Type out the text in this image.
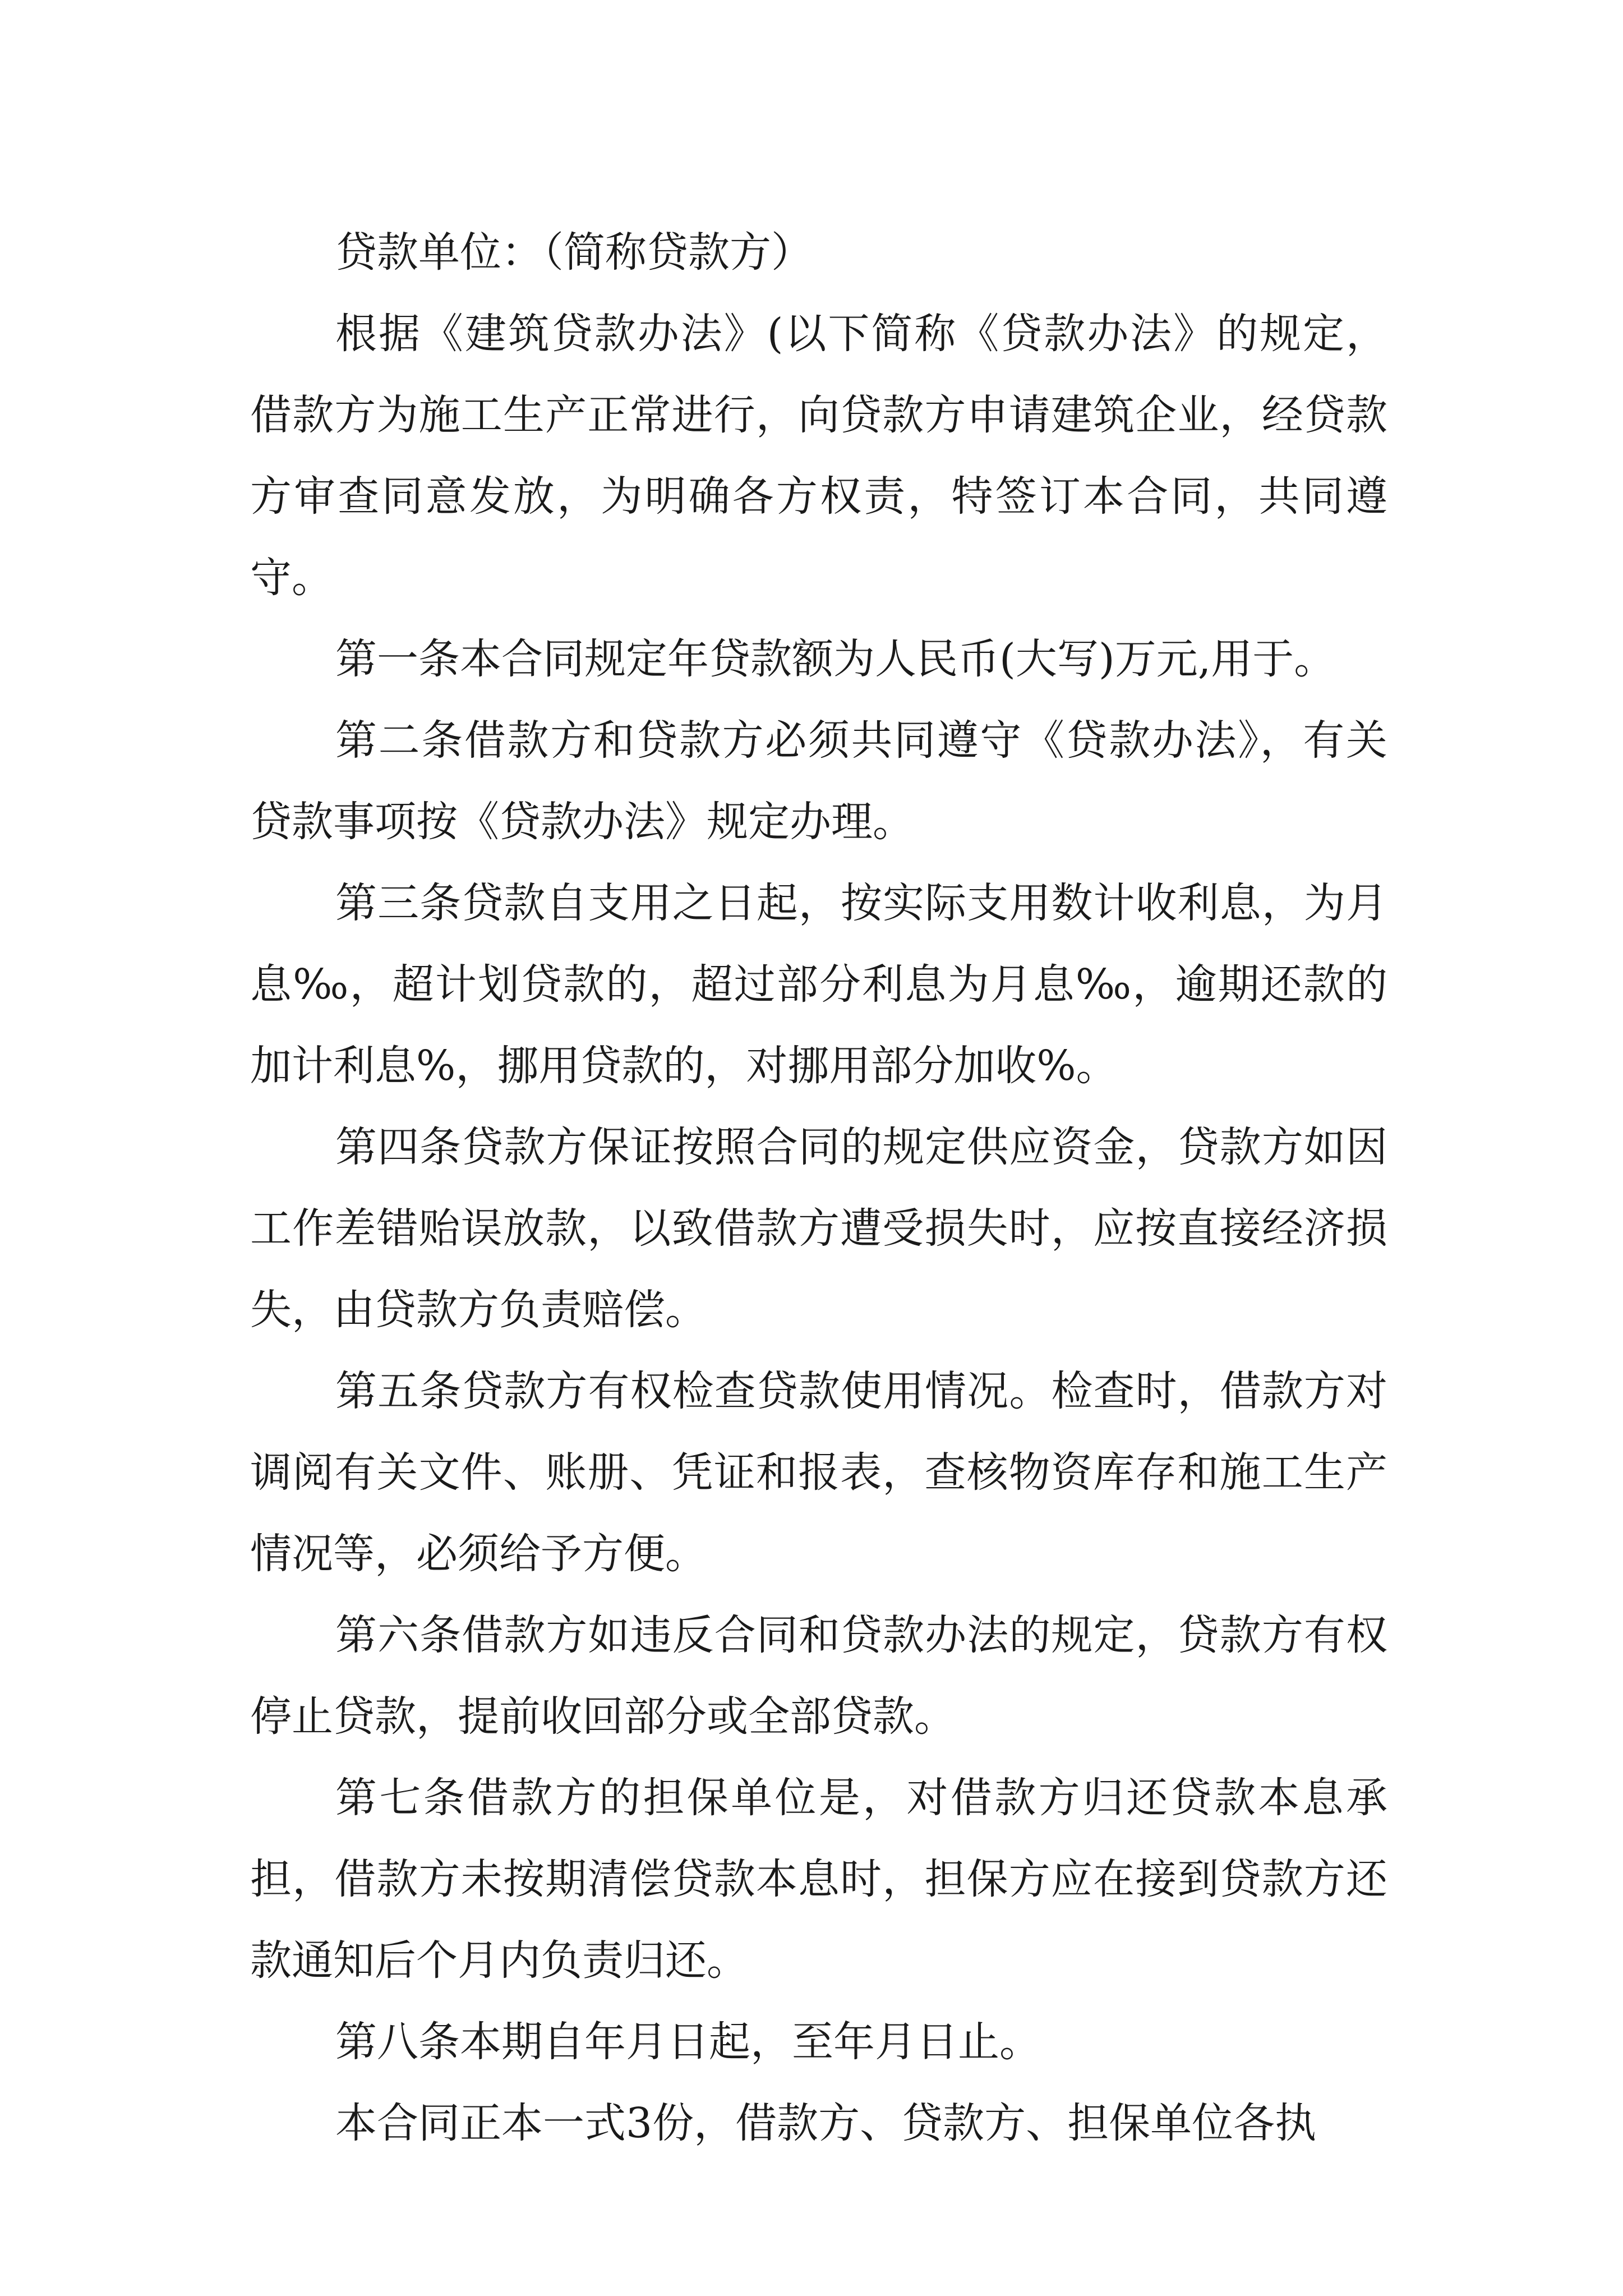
贷款单位：（简称贷款方）

根据《建筑贷款办法》(以下简称《贷款办法》的规定，借款方为施工生产正常进行，向贷款方申请建筑企业，经贷款方审查同意发放，为明确各方权责，特签订本合同，共同遵守。

第一条本合同规定年贷款额为人民币(大写)万元,用于。

第二条借款方和贷款方必须共同遵守《贷款办法》，有关贷款事项按《贷款办法》规定办理。

第三条贷款自支用之日起，按实际支用数计收利息，为月息‰，超计划贷款的，超过部分利息为月息‰，逾期还款的加计利息%，挪用贷款的，对挪用部分加收%。

第四条贷款方保证按照合同的规定供应资金，贷款方如因工作差错贻误放款，以致借款方遭受损失时，应按直接经济损失，由贷款方负责赔偿。

第五条贷款方有权检查贷款使用情况。检查时，借款方对调阅有关文件、账册、凭证和报表，查核物资库存和施工生产情况等，必须给予方便。

第六条借款方如违反合同和贷款办法的规定，贷款方有权停止贷款，提前收回部分或全部贷款。

第七条借款方的担保单位是，对借款方归还贷款本息承担，借款方未按期清偿贷款本息时，担保方应在接到贷款方还款通知后个月内负责归还。

第八条本期自年月日起，至年月日止。

本合同正本一式3份，借款方、贷款方、担保单位各执
